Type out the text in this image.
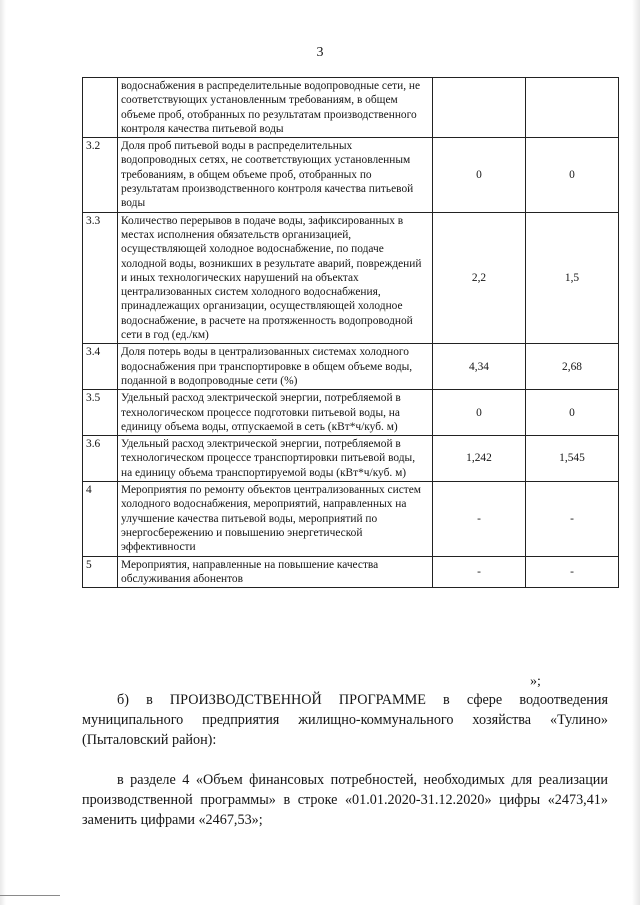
3
	водоснабжения в распределительные водопроводные сети, не соответствующих установленным требованиям, в общем объеме проб, отобранных по результатам производственного контроля качества питьевой воды		
3.2	Доля проб питьевой воды в распределительных водопроводных сетях, не соответствующих установленным требованиям, в общем объеме проб, отобранных по результатам производственного контроля качества питьевой воды	0	0
3.3	Количество перерывов в подаче воды, зафиксированных в местах исполнения обязательств организацией, осуществляющей холодное водоснабжение, по подаче холодной воды, возникших в результате аварий, повреждений и иных технологических нарушений на объектах централизованных систем холодного водоснабжения, принадлежащих организации, осуществляющей холодное водоснабжение, в расчете на протяженность водопроводной сети в год (ед./км)	2,2	1,5
3.4	Доля потерь воды в централизованных системах холодного водоснабжения при транспортировке в общем объеме воды, поданной в водопроводные сети (%)	4,34	2,68
3.5	Удельный расход электрической энергии, потребляемой в технологическом процессе подготовки питьевой воды, на единицу объема воды, отпускаемой в сеть (кВт*ч/куб. м)	0	0
3.6	Удельный расход электрической энергии, потребляемой в технологическом процессе транспортировки питьевой воды, на единицу объема транспортируемой воды (кВт*ч/куб. м)	1,242	1,545
4	Мероприятия по ремонту объектов централизованных систем холодного водоснабжения, мероприятий, направленных на улучшение качества питьевой воды, мероприятий по энергосбережению и повышению энергетической эффективности	-	-
5	Мероприятия, направленные на повышение качества обслуживания абонентов	-	-
»;

б) в ПРОИЗВОДСТВЕННОЙ ПРОГРАММЕ в сфере водоотведения муниципального предприятия жилищно-коммунального хозяйства «Тулино» (Пыталовский район):

в разделе 4 «Объем финансовых потребностей, необходимых для реализации производственной программы» в строке «01.01.2020-31.12.2020» цифры «2473,41» заменить цифрами «2467,53»;
